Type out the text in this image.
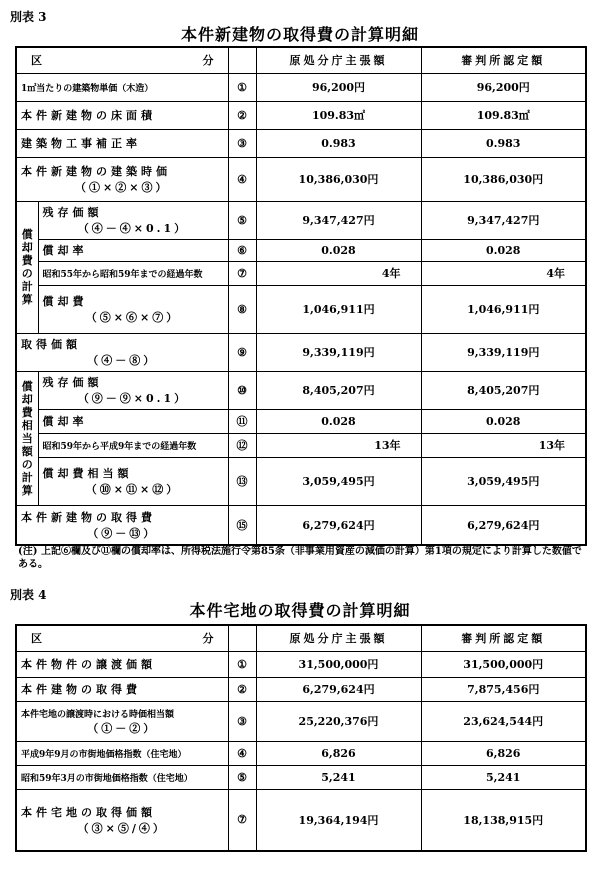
別表 3
本件新建物の取得費の計算明細
区 分			原処分庁主張額	審判所認定額
1㎡当たりの建築物単価（木造）		①	96,200円	96,200円

本件新建物の床面積		②	109.83㎡	109.83㎡

建築物工事補正率		③	0.983	0.983

本件新建物の建築時価
（①×②×③）		④	10,386,030円	10,386,030円

償却費の計算	残存価額
（④－④×0.1）	⑤	9,347,427円	9,347,427円

	償却率	⑥	0.028	0.028
	昭和55年から昭和59年までの経過年数	⑦	4年	4年

	償却費
（⑤×⑥×⑦）	⑧	1,046,911円	1,046,911円

取得価額
（④－⑧）		⑨	9,339,119円	9,339,119円

償却費相当額の計算	残存価額
（⑨－⑨×0.1）	⑩	8,405,207円	8,405,207円

	償却率	⑪	0.028	0.028
	昭和59年から平成9年までの経過年数	⑫	13年	13年

	償却費相当額
（⑩×⑪×⑫）	⑬	3,059,495円	3,059,495円

本件新建物の取得費
（⑨－⑬）		⑮	6,279,624円	6,279,624円
(注) 上記⑥欄及び⑪欄の償却率は、所得税法施行令第85条（非事業用資産の減価の計算）第1項の規定により計算した数値である。
別表 4
本件宅地の取得費の計算明細
区 分		原処分庁主張額	審判所認定額

本件物件の譲渡価額	①	31,500,000円	31,500,000円

本件建物の取得費	②	6,279,624円	7,875,456円

本件宅地の譲渡時における時価相当額
（①－②）	③	25,220,376円	23,624,544円
平成9年9月の市街地価格指数（住宅地）	④	6,826	6,826
昭和59年3月の市街地価格指数（住宅地）	⑤	5,241	5,241

本件宅地の取得価額
（③×⑤/④）	⑦	19,364,194円	18,138,915円
